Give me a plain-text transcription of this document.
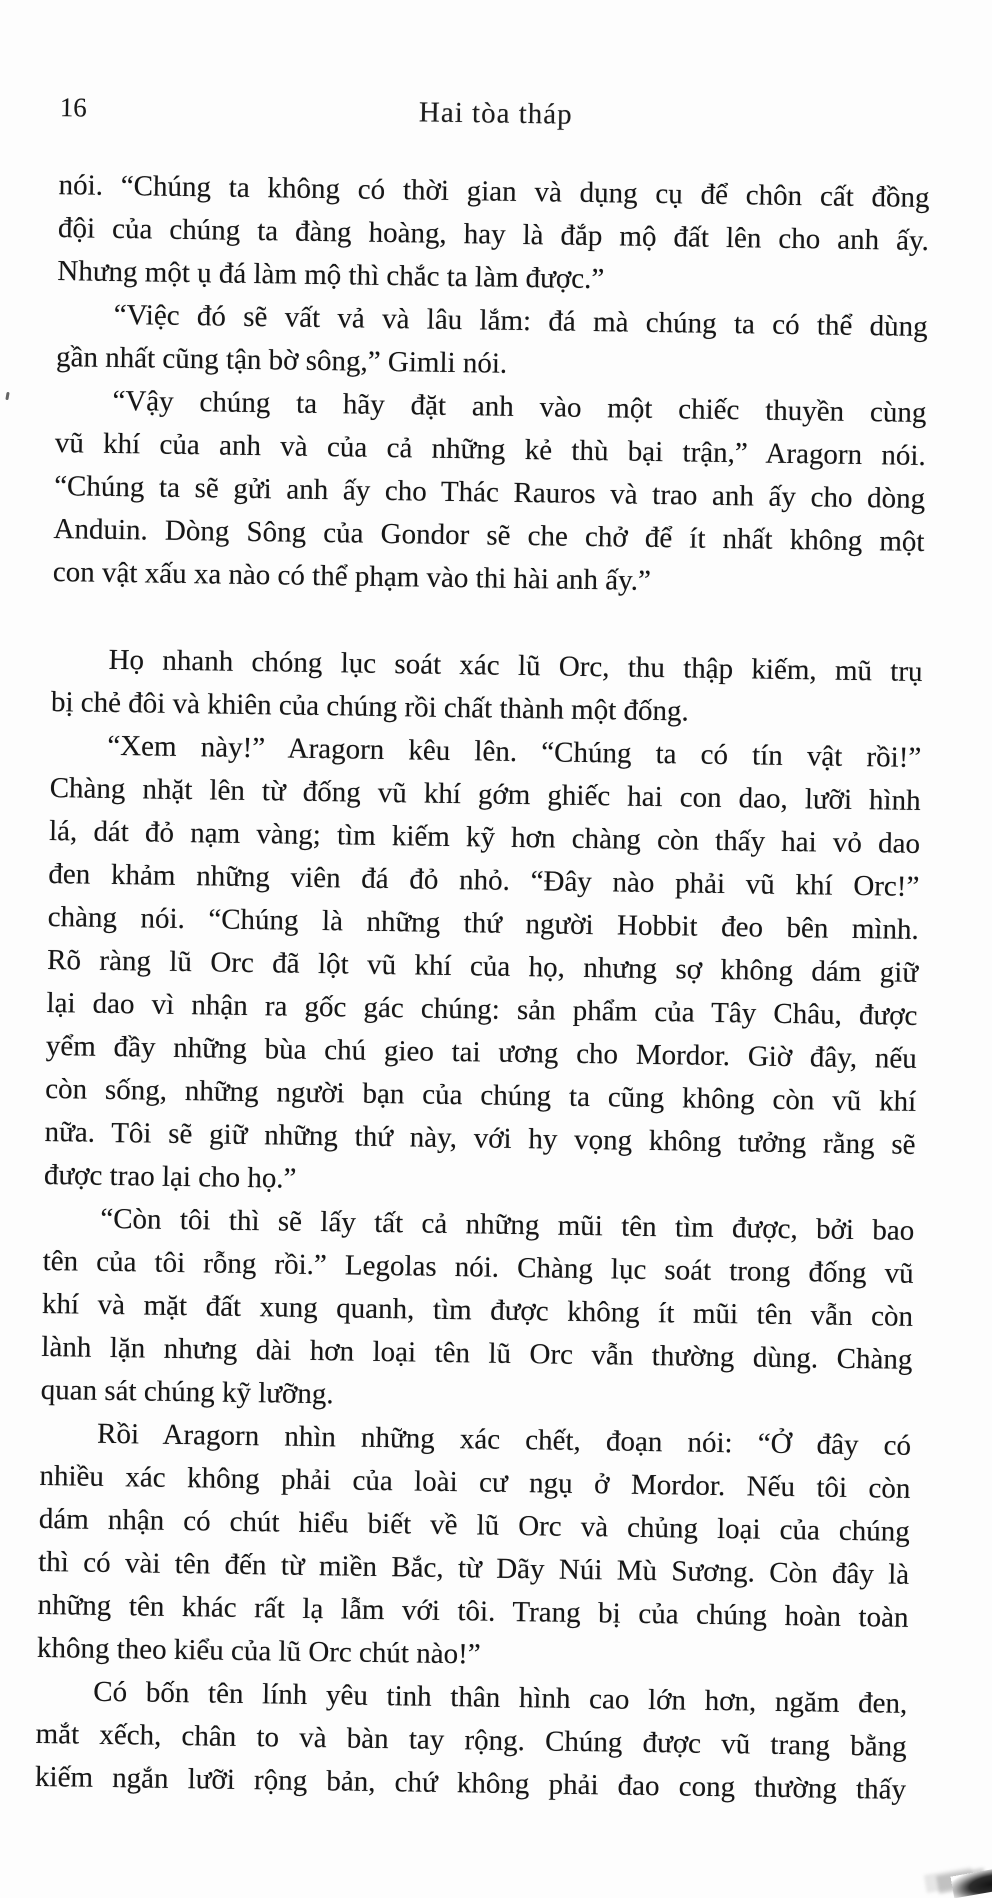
16	Hai tòa tháp
nói. “Chúng ta không có thời gian và dụng cụ để chôn cất đồng
đội của chúng ta đàng hoàng, hay là đắp mộ đất lên cho anh ấy.
Nhưng một ụ đá làm mộ thì chắc ta làm được.”
“Việc đó sẽ vất vả và lâu lắm: đá mà chúng ta có thể dùng
gần nhất cũng tận bờ sông,” Gimli nói.
“Vậy chúng ta hãy đặt anh vào một chiếc thuyền cùng
vũ khí của anh và của cả những kẻ thù bại trận,” Aragorn nói.
“Chúng ta sẽ gửi anh ấy cho Thác Rauros và trao anh ấy cho dòng
Anduin. Dòng Sông của Gondor sẽ che chở để ít nhất không một
con vật xấu xa nào có thể phạm vào thi hài anh ấy.”
Họ nhanh chóng lục soát xác lũ Orc, thu thập kiếm, mũ trụ
bị chẻ đôi và khiên của chúng rồi chất thành một đống.
“Xem này!” Aragorn kêu lên. “Chúng ta có tín vật rồi!”
Chàng nhặt lên từ đống vũ khí gớm ghiếc hai con dao, lưỡi hình
lá, dát đỏ nạm vàng; tìm kiếm kỹ hơn chàng còn thấy hai vỏ dao
đen khảm những viên đá đỏ nhỏ. “Đây nào phải vũ khí Orc!”
chàng nói. “Chúng là những thứ người Hobbit đeo bên mình.
Rõ ràng lũ Orc đã lột vũ khí của họ, nhưng sợ không dám giữ
lại dao vì nhận ra gốc gác chúng: sản phẩm của Tây Châu, được
yểm đầy những bùa chú gieo tai ương cho Mordor. Giờ đây, nếu
còn sống, những người bạn của chúng ta cũng không còn vũ khí
nữa. Tôi sẽ giữ những thứ này, với hy vọng không tưởng rằng sẽ
được trao lại cho họ.”
“Còn tôi thì sẽ lấy tất cả những mũi tên tìm được, bởi bao
tên của tôi rỗng rồi.” Legolas nói. Chàng lục soát trong đống vũ
khí và mặt đất xung quanh, tìm được không ít mũi tên vẫn còn
lành lặn nhưng dài hơn loại tên lũ Orc vẫn thường dùng. Chàng
quan sát chúng kỹ lưỡng.
Rồi Aragorn nhìn những xác chết, đoạn nói: “Ở đây có
nhiều xác không phải của loài cư ngụ ở Mordor. Nếu tôi còn
dám nhận có chút hiểu biết về lũ Orc và chủng loại của chúng
thì có vài tên đến từ miền Bắc, từ Dãy Núi Mù Sương. Còn đây là
những tên khác rất lạ lẫm với tôi. Trang bị của chúng hoàn toàn
không theo kiểu của lũ Orc chút nào!”
Có bốn tên lính yêu tinh thân hình cao lớn hơn, ngăm đen,
mắt xếch, chân to và bàn tay rộng. Chúng được vũ trang bằng
kiếm ngắn lưỡi rộng bản, chứ không phải đao cong thường thấy
